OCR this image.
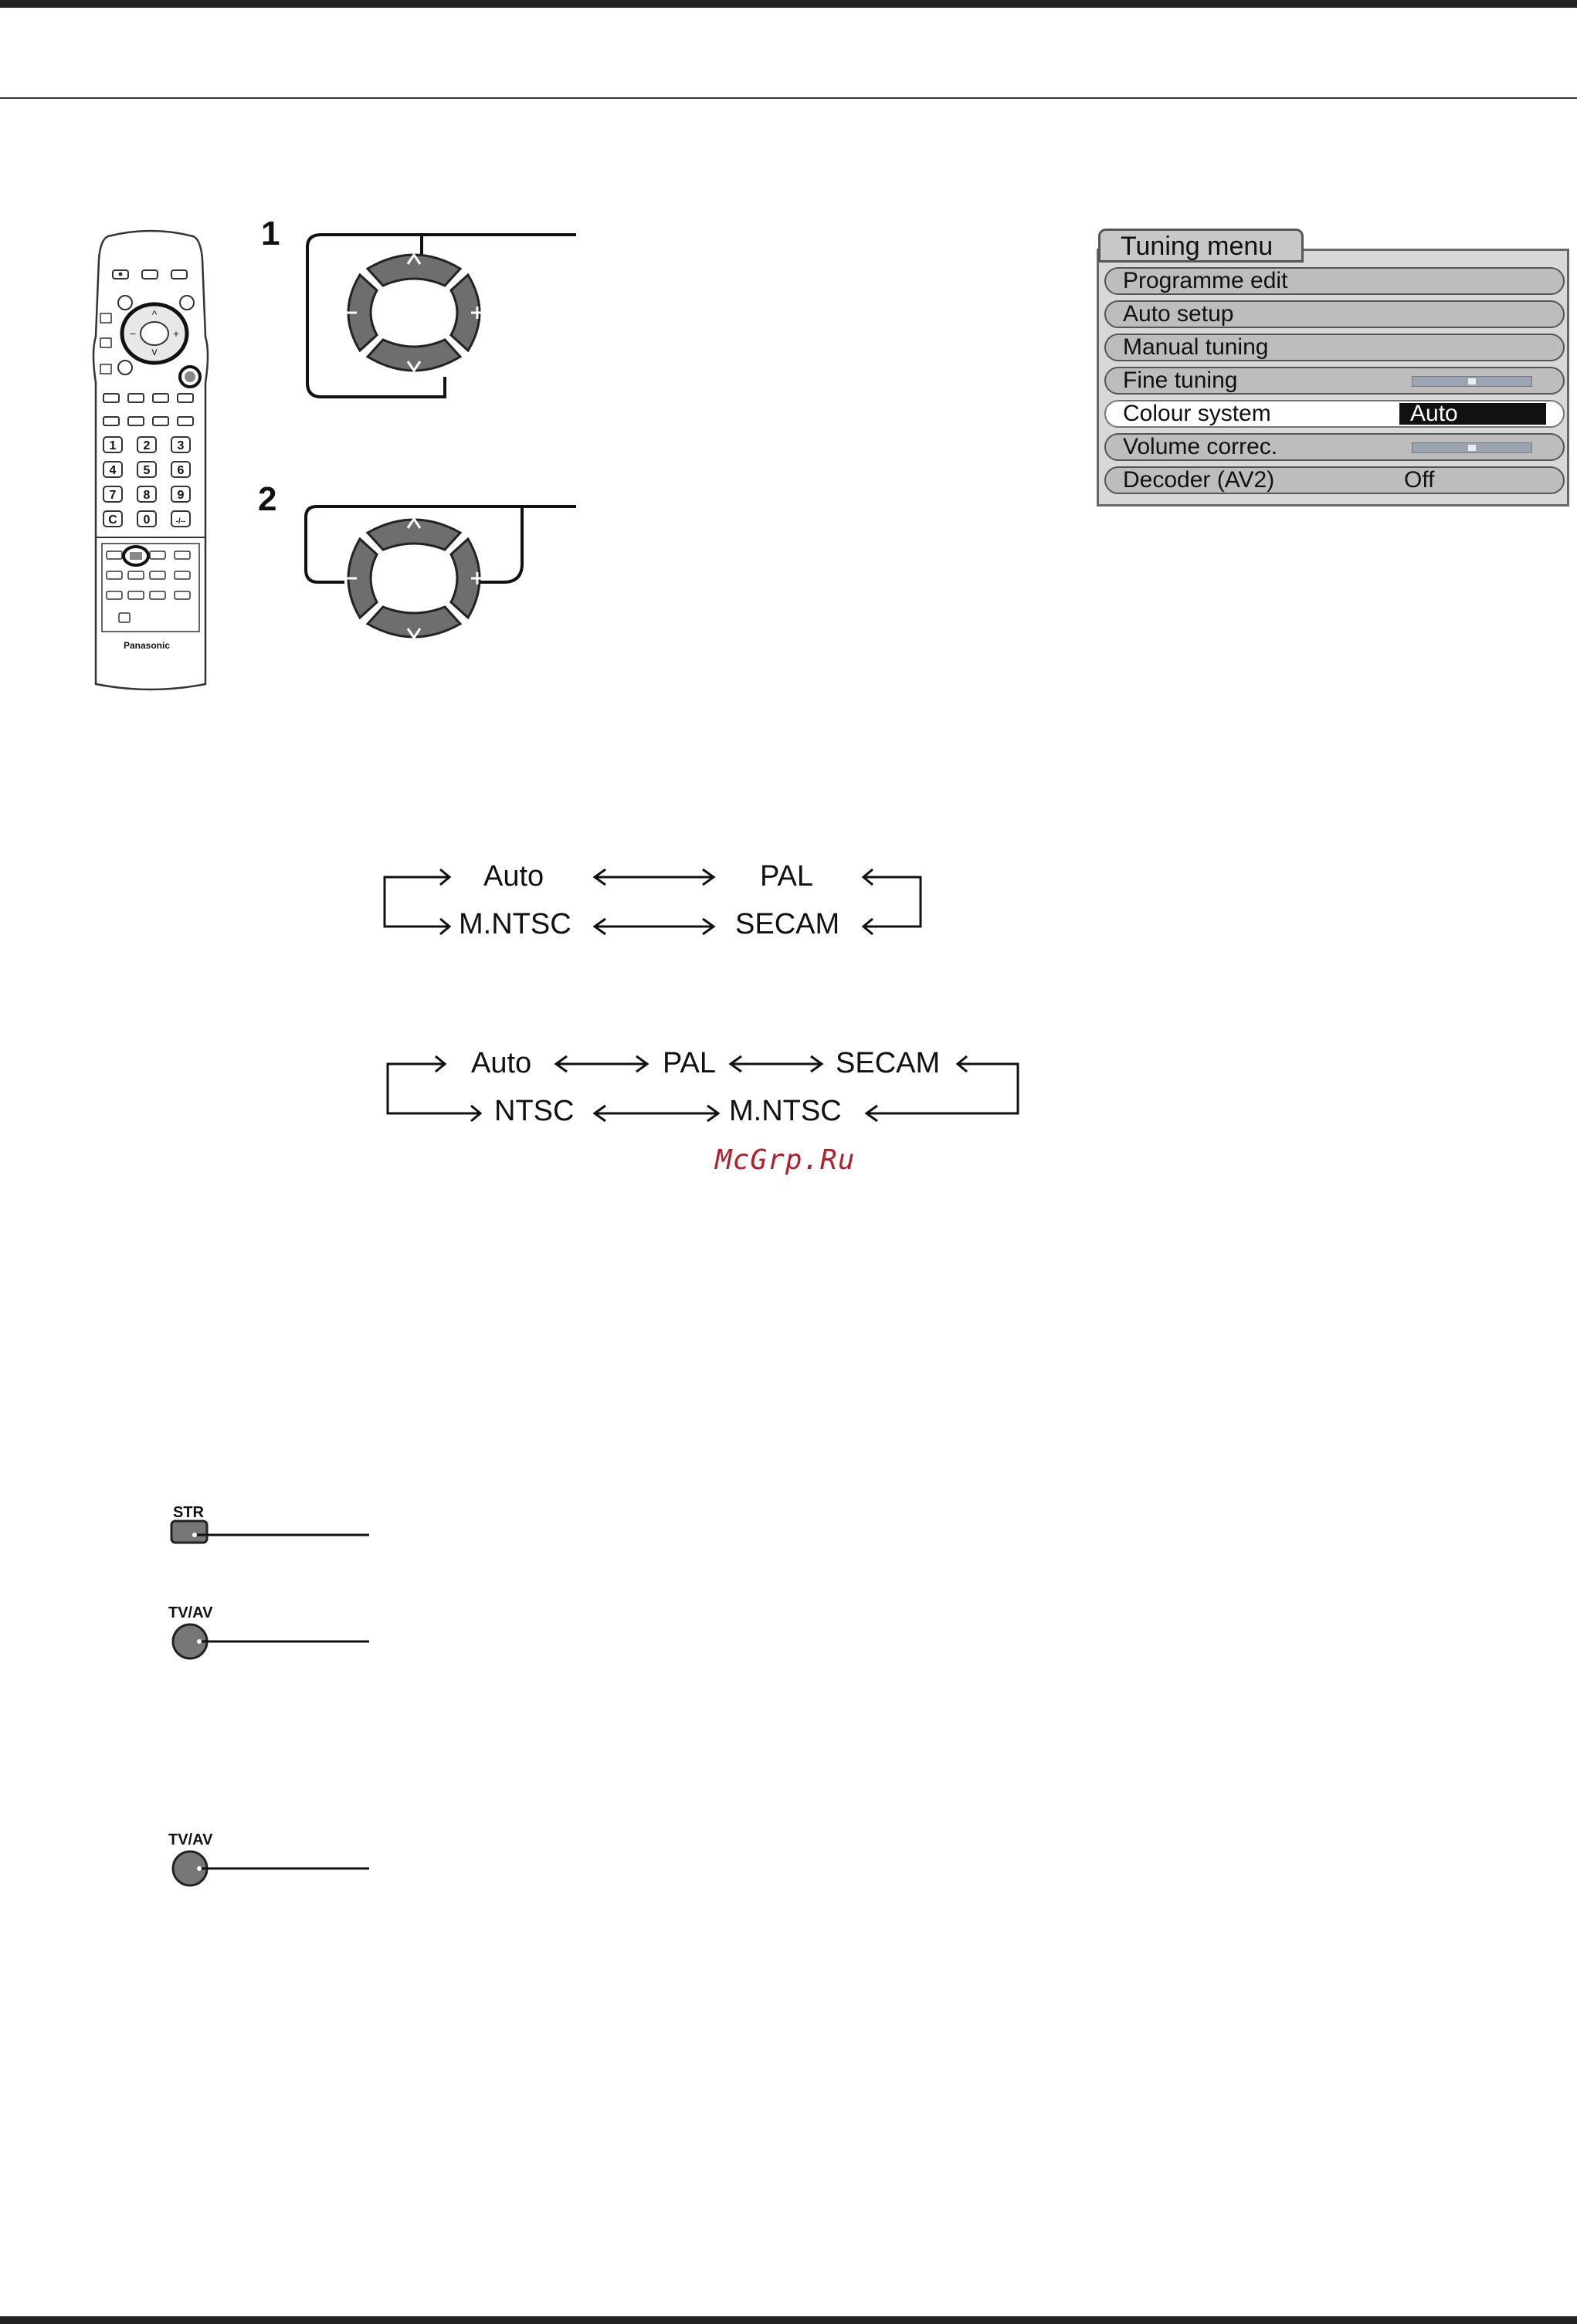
^
v
−	+
1 2 3
4 5 6
7 8 9
C 0	-/--
Panasonic
1
2
Tuning menu
Programme edit
Auto setup
Manual tuning
Fine tuning
Colour system	Auto
Volume correc.
Decoder (AV2)	Off
Auto	PAL
M.NTSC	SECAM
Auto	PAL	SECAM
NTSC	M.NTSC
McGrp.Ru
STR
TV/AV
TV/AV
